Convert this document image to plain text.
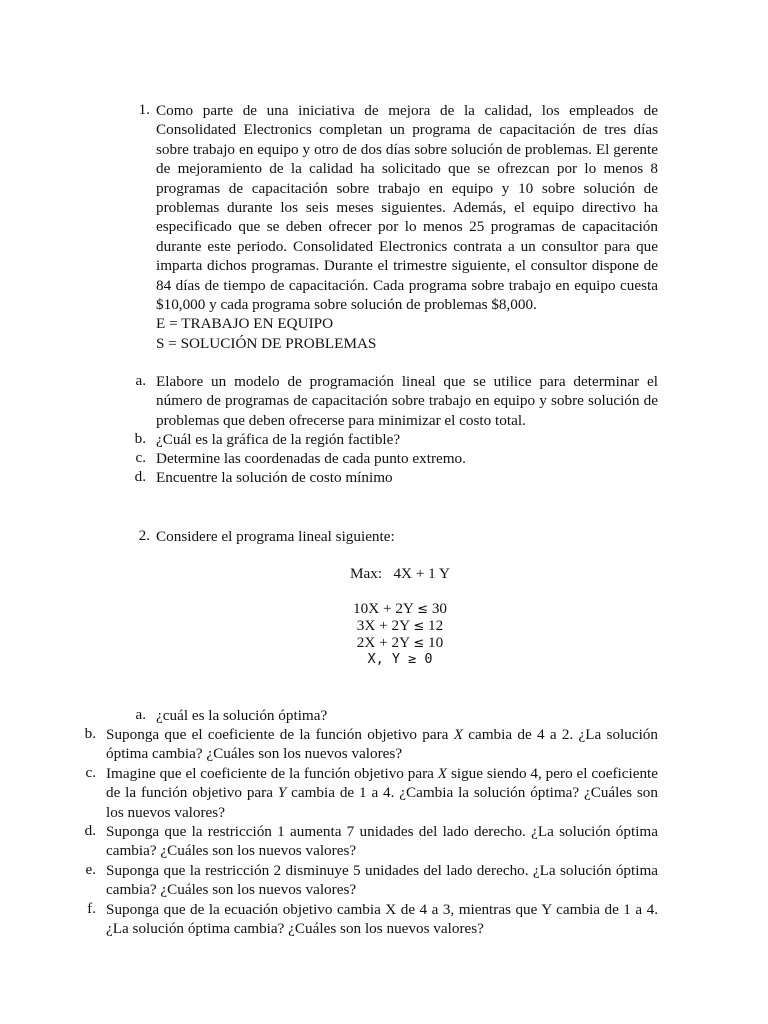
1. Como parte de una iniciativa de mejora de la calidad, los empleados de
Consolidated Electronics completan un programa de capacitación de tres días
sobre trabajo en equipo y otro de dos días sobre solución de problemas. El gerente
de mejoramiento de la calidad ha solicitado que se ofrezcan por lo menos 8
programas de capacitación sobre trabajo en equipo y 10 sobre solución de
problemas durante los seis meses siguientes. Además, el equipo directivo ha
especificado que se deben ofrecer por lo menos 25 programas de capacitación
durante este periodo. Consolidated Electronics contrata a un consultor para que
imparta dichos programas. Durante el trimestre siguiente, el consultor dispone de
84 días de tiempo de capacitación. Cada programa sobre trabajo en equipo cuesta
$10,000 y cada programa sobre solución de problemas $8,000.
E = TRABAJO EN EQUIPO
S = SOLUCIÓN DE PROBLEMAS
a. Elabore un modelo de programación lineal que se utilice para determinar el
número de programas de capacitación sobre trabajo en equipo y sobre solución de
problemas que deben ofrecerse para minimizar el costo total.
b. ¿Cuál es la gráfica de la región factible?
c. Determine las coordenadas de cada punto extremo.
d. Encuentre la solución de costo mínimo
2. Considere el programa lineal siguiente:
Max:   4X + 1 Y
10X + 2Y ≤ 30
3X + 2Y ≤ 12
2X + 2Y ≤ 10
X, Y ≥ 0
a. ¿cuál es la solución óptima?
b. Suponga que el coeficiente de la función objetivo para X cambia de 4 a 2. ¿La solución
óptima cambia? ¿Cuáles son los nuevos valores?
c. Imagine que el coeficiente de la función objetivo para X sigue siendo 4, pero el coeficiente
de la función objetivo para Y cambia de 1 a 4. ¿Cambia la solución óptima? ¿Cuáles son
los nuevos valores?
d. Suponga que la restricción 1 aumenta 7 unidades del lado derecho. ¿La solución óptima
cambia? ¿Cuáles son los nuevos valores?
e. Suponga que la restricción 2 disminuye 5 unidades del lado derecho. ¿La solución óptima
cambia? ¿Cuáles son los nuevos valores?
f. Suponga que de la ecuación objetivo cambia X de 4 a 3, mientras que Y cambia de 1 a 4.
¿La solución óptima cambia? ¿Cuáles son los nuevos valores?
